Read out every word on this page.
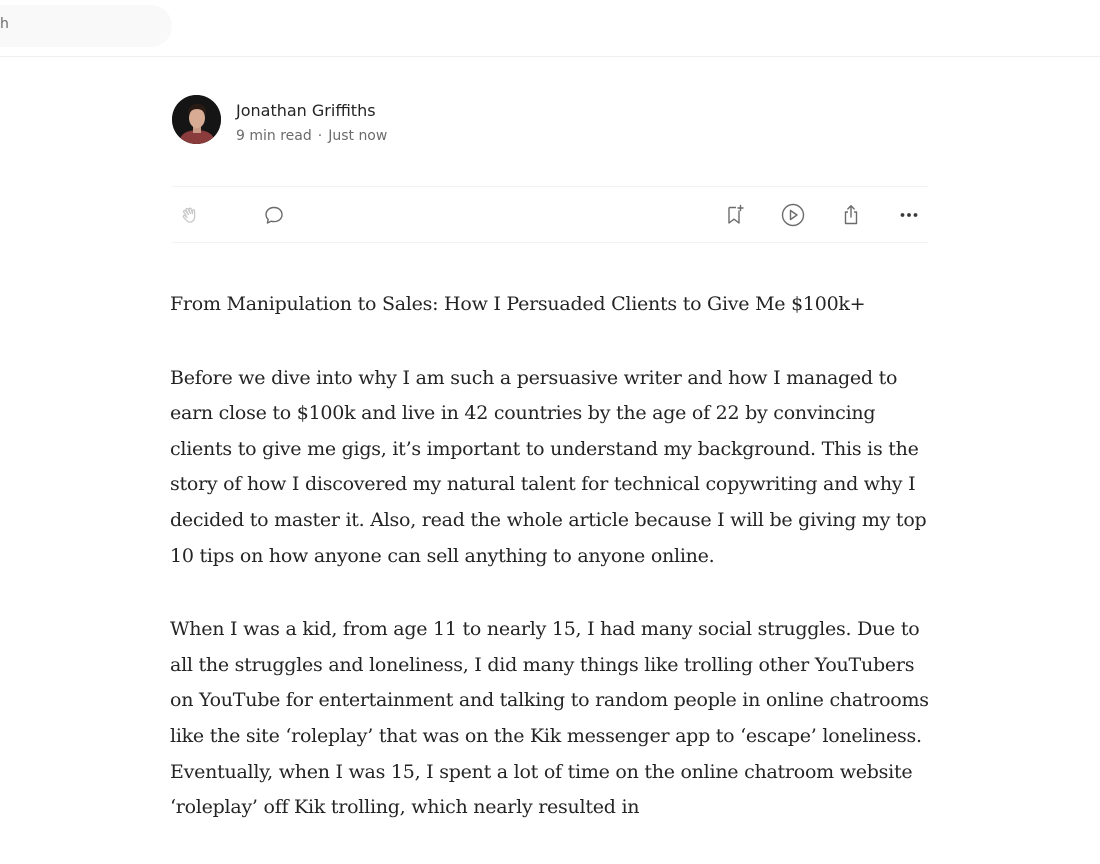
h
Jonathan Griffiths
9 min read · Just now

From Manipulation to Sales: How I Persuaded Clients to Give Me $100k+

Before we dive into why I am such a persuasive writer and how I managed to earn close to $100k and live in 42 countries by the age of 22 by convincing clients to give me gigs, it’s important to understand my background. This is the story of how I discovered my natural talent for technical copywriting and why I decided to master it. Also, read the whole article because I will be giving my top 10 tips on how anyone can sell anything to anyone online.

When I was a kid, from age 11 to nearly 15, I had many social struggles. Due to all the struggles and loneliness, I did many things like trolling other YouTubers on YouTube for entertainment and talking to random people in online chatrooms like the site ‘roleplay’ that was on the Kik messenger app to ‘escape’ loneliness. Eventually, when I was 15, I spent a lot of time on the online chatroom website ‘roleplay’ off Kik trolling, which nearly resulted in
